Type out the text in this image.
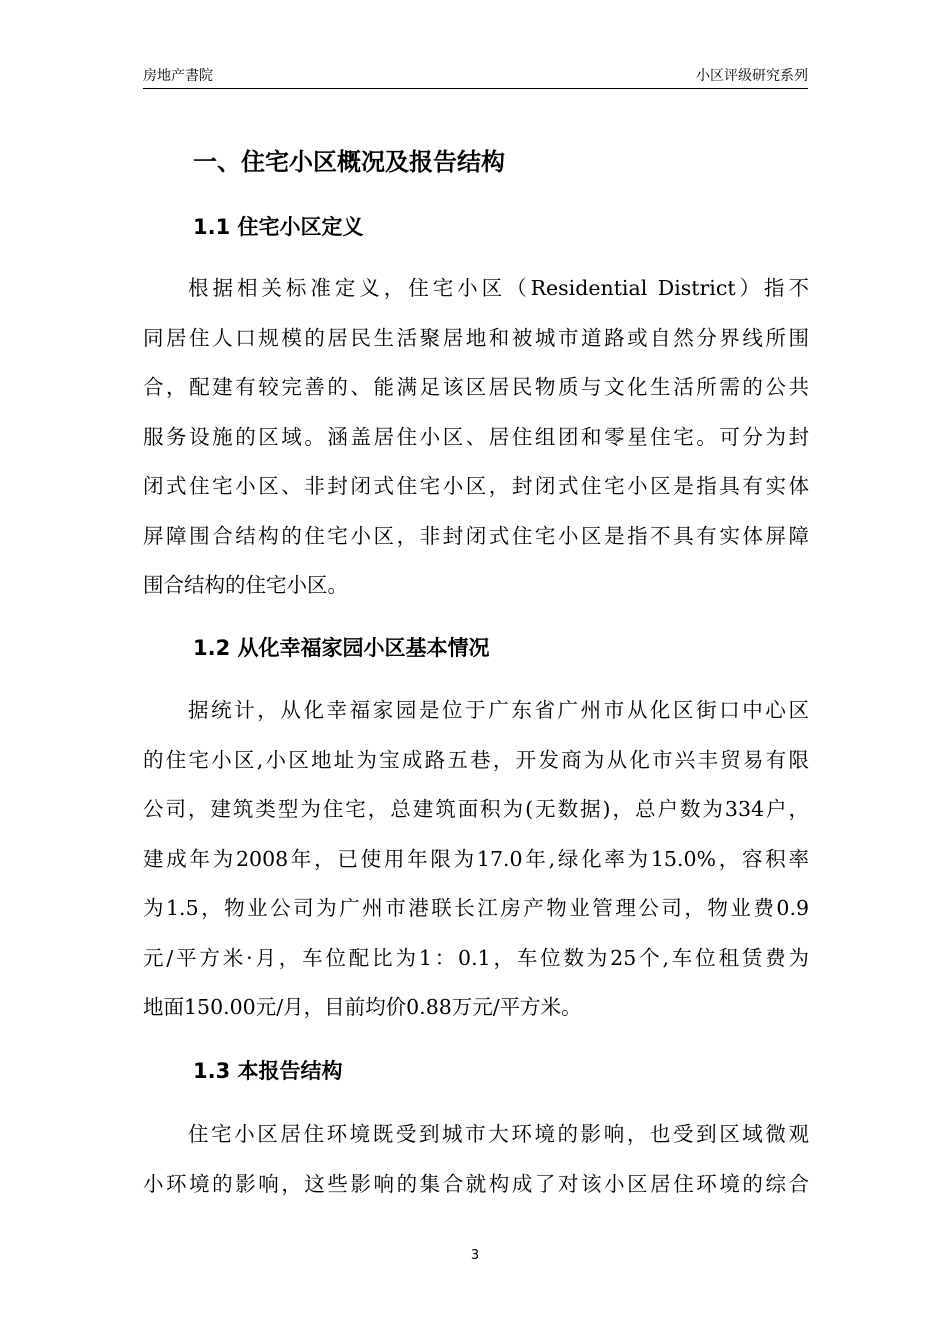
房地产書院	小区评级研究系列
一、住宅小区概况及报告结构
1.1 住宅小区定义
根据相关标准定义，住宅小区（Residential District）指不
同居住人口规模的居民生活聚居地和被城市道路或自然分界线所围
合，配建有较完善的、能满足该区居民物质与文化生活所需的公共
服务设施的区域。涵盖居住小区、居住组团和零星住宅。可分为封
闭式住宅小区、非封闭式住宅小区，封闭式住宅小区是指具有实体
屏障围合结构的住宅小区，非封闭式住宅小区是指不具有实体屏障
围合结构的住宅小区。
1.2 从化幸福家园小区基本情况
据统计，从化幸福家园是位于广东省广州市从化区街口中心区
的住宅小区,小区地址为宝成路五巷，开发商为从化市兴丰贸易有限
公司，建筑类型为住宅，总建筑面积为(无数据)，总户数为334户，
建成年为2008年，已使用年限为17.0年,绿化率为15.0%，容积率
为1.5，物业公司为广州市港联长江房产物业管理公司，物业费0.9
元/平方米·月，车位配比为1：0.1，车位数为25个,车位租赁费为
地面150.00元/月，目前均价0.88万元/平方米。
1.3 本报告结构
住宅小区居住环境既受到城市大环境的影响，也受到区域微观
小环境的影响，这些影响的集合就构成了对该小区居住环境的综合
3
